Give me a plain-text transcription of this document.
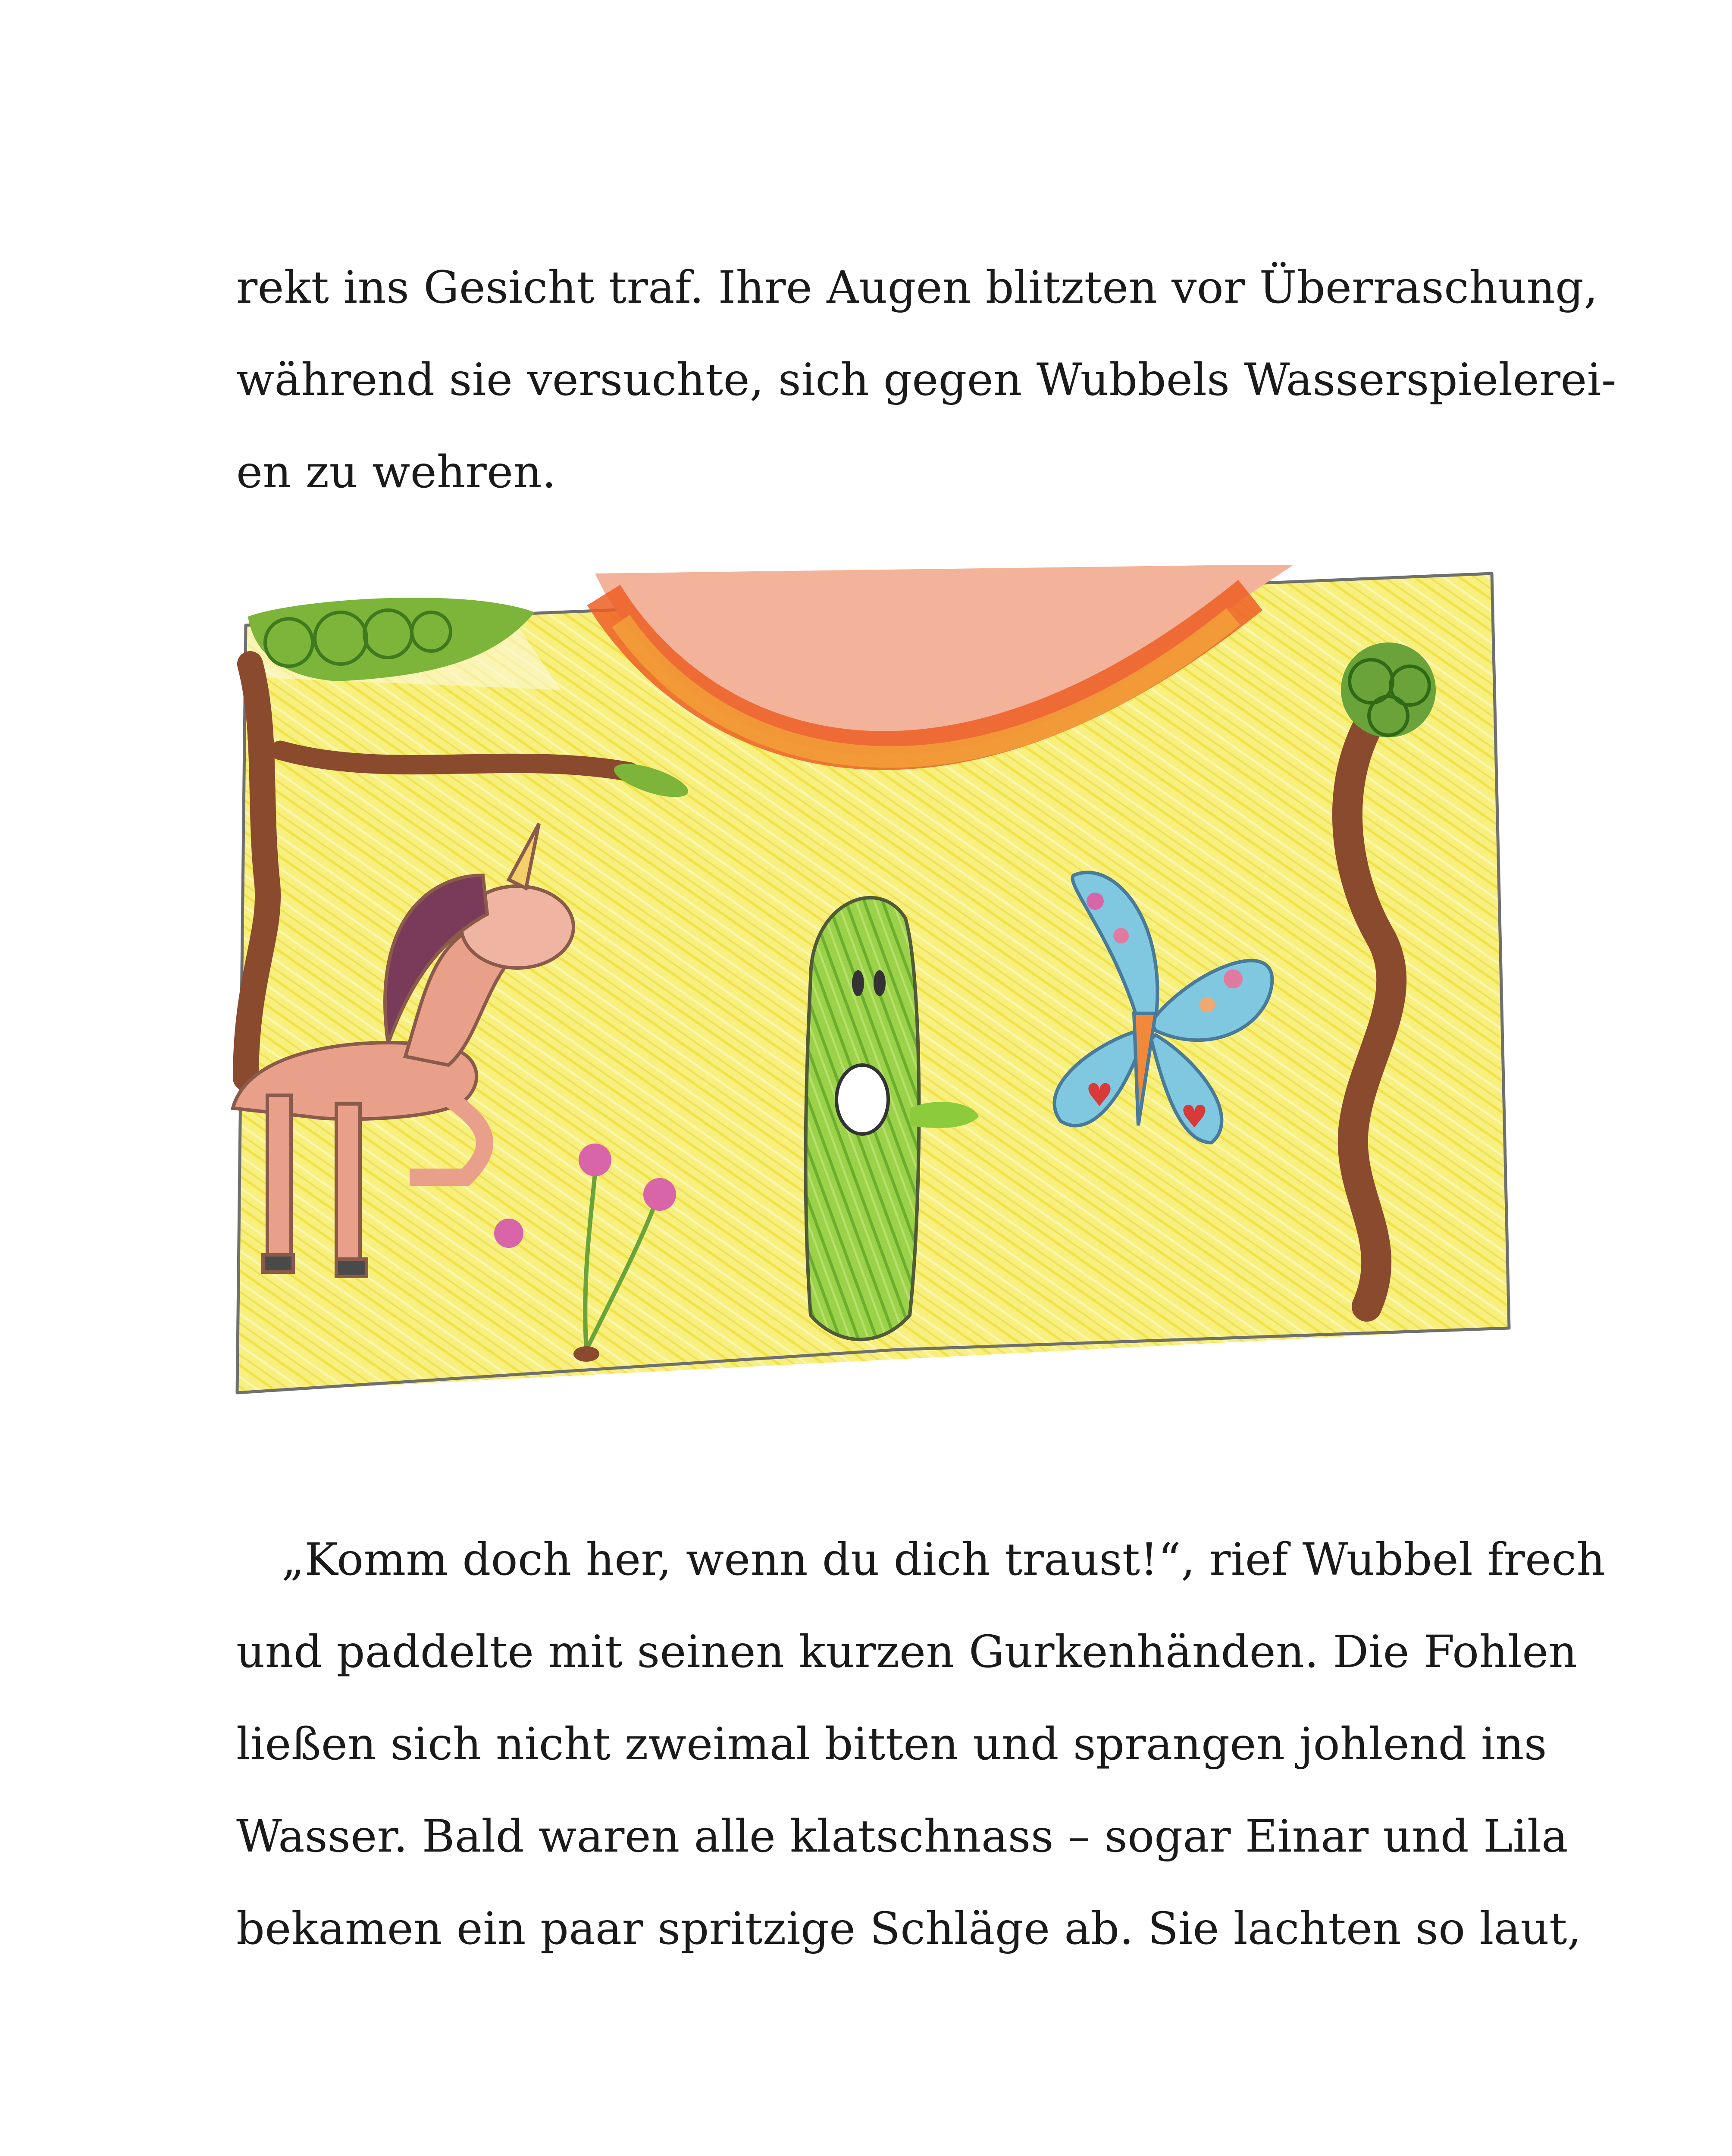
rekt ins Gesicht traf. Ihre Augen blitzten vor Überraschung,
während sie versuchte, sich gegen Wubbels Wasserspielerei-
en zu wehren.
„Komm doch her, wenn du dich traust!“, rief Wubbel frech
und paddelte mit seinen kurzen Gurkenhänden. Die Fohlen
ließen sich nicht zweimal bitten und sprangen johlend ins
Wasser. Bald waren alle klatschnass – sogar Einar und Lila
bekamen ein paar spritzige Schläge ab. Sie lachten so laut,
